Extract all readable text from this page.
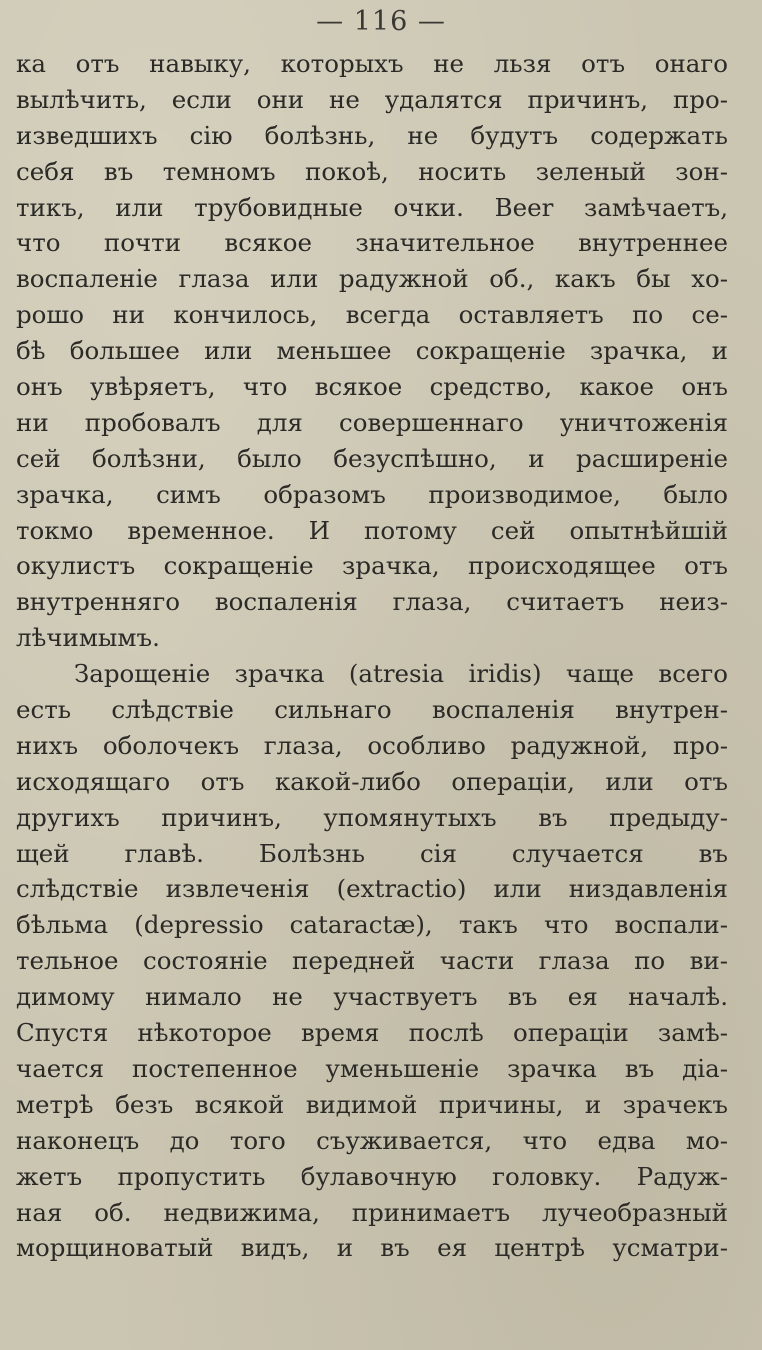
— 116 —
ка отъ навыку, которыхъ не льзя отъ онаго
вылѣчить, если они не удалятся причинъ, про-
изведшихъ сію болѣзнь, не будутъ содержать
себя въ темномъ покоѣ, носить зеленый зон-
тикъ, или трубовидные очки. Beer замѣчаетъ,
что почти всякое значительное внутреннее
воспаленіе глаза или радужной об., какъ бы хо-
рошо ни кончилось, всегда оставляетъ по се-
бѣ большее или меньшее сокращеніе зрачка, и
онъ увѣряетъ, что всякое средство, какое онъ
ни пробовалъ для совершеннаго уничтоженія
сей болѣзни, было безуспѣшно, и расширеніе
зрачка, симъ образомъ производимое, было
токмо временное. И потому сей опытнѣйшій
окулистъ сокращеніе зрачка, происходящее отъ
внутренняго воспаленія глаза, считаетъ неиз-
лѣчимымъ.
Зарощеніе зрачка (atresia iridis) чаще всего
есть слѣдствіе сильнаго воспаленія внутрен-
нихъ оболочекъ глаза, особливо радужной, про-
исходящаго отъ какой-либо операціи, или отъ
другихъ причинъ, упомянутыхъ въ предыду-
щей главѣ. Болѣзнь сія случается въ
слѣдствіе извлеченія (extractio) или низдавленія
бѣльма (depressio cataractæ), такъ что воспали-
тельное состояніе передней части глаза по ви-
димому нимало не участвуетъ въ ея началѣ.
Спустя нѣкоторое время послѣ операціи замѣ-
чается постепенное уменьшеніе зрачка въ діа-
метрѣ безъ всякой видимой причины, и зрачекъ
наконецъ до того съуживается, что едва мо-
жетъ пропустить булавочную головку. Радуж-
ная об. недвижима, принимаетъ лучеобразный
морщиноватый видъ, и въ ея центрѣ усматри-
